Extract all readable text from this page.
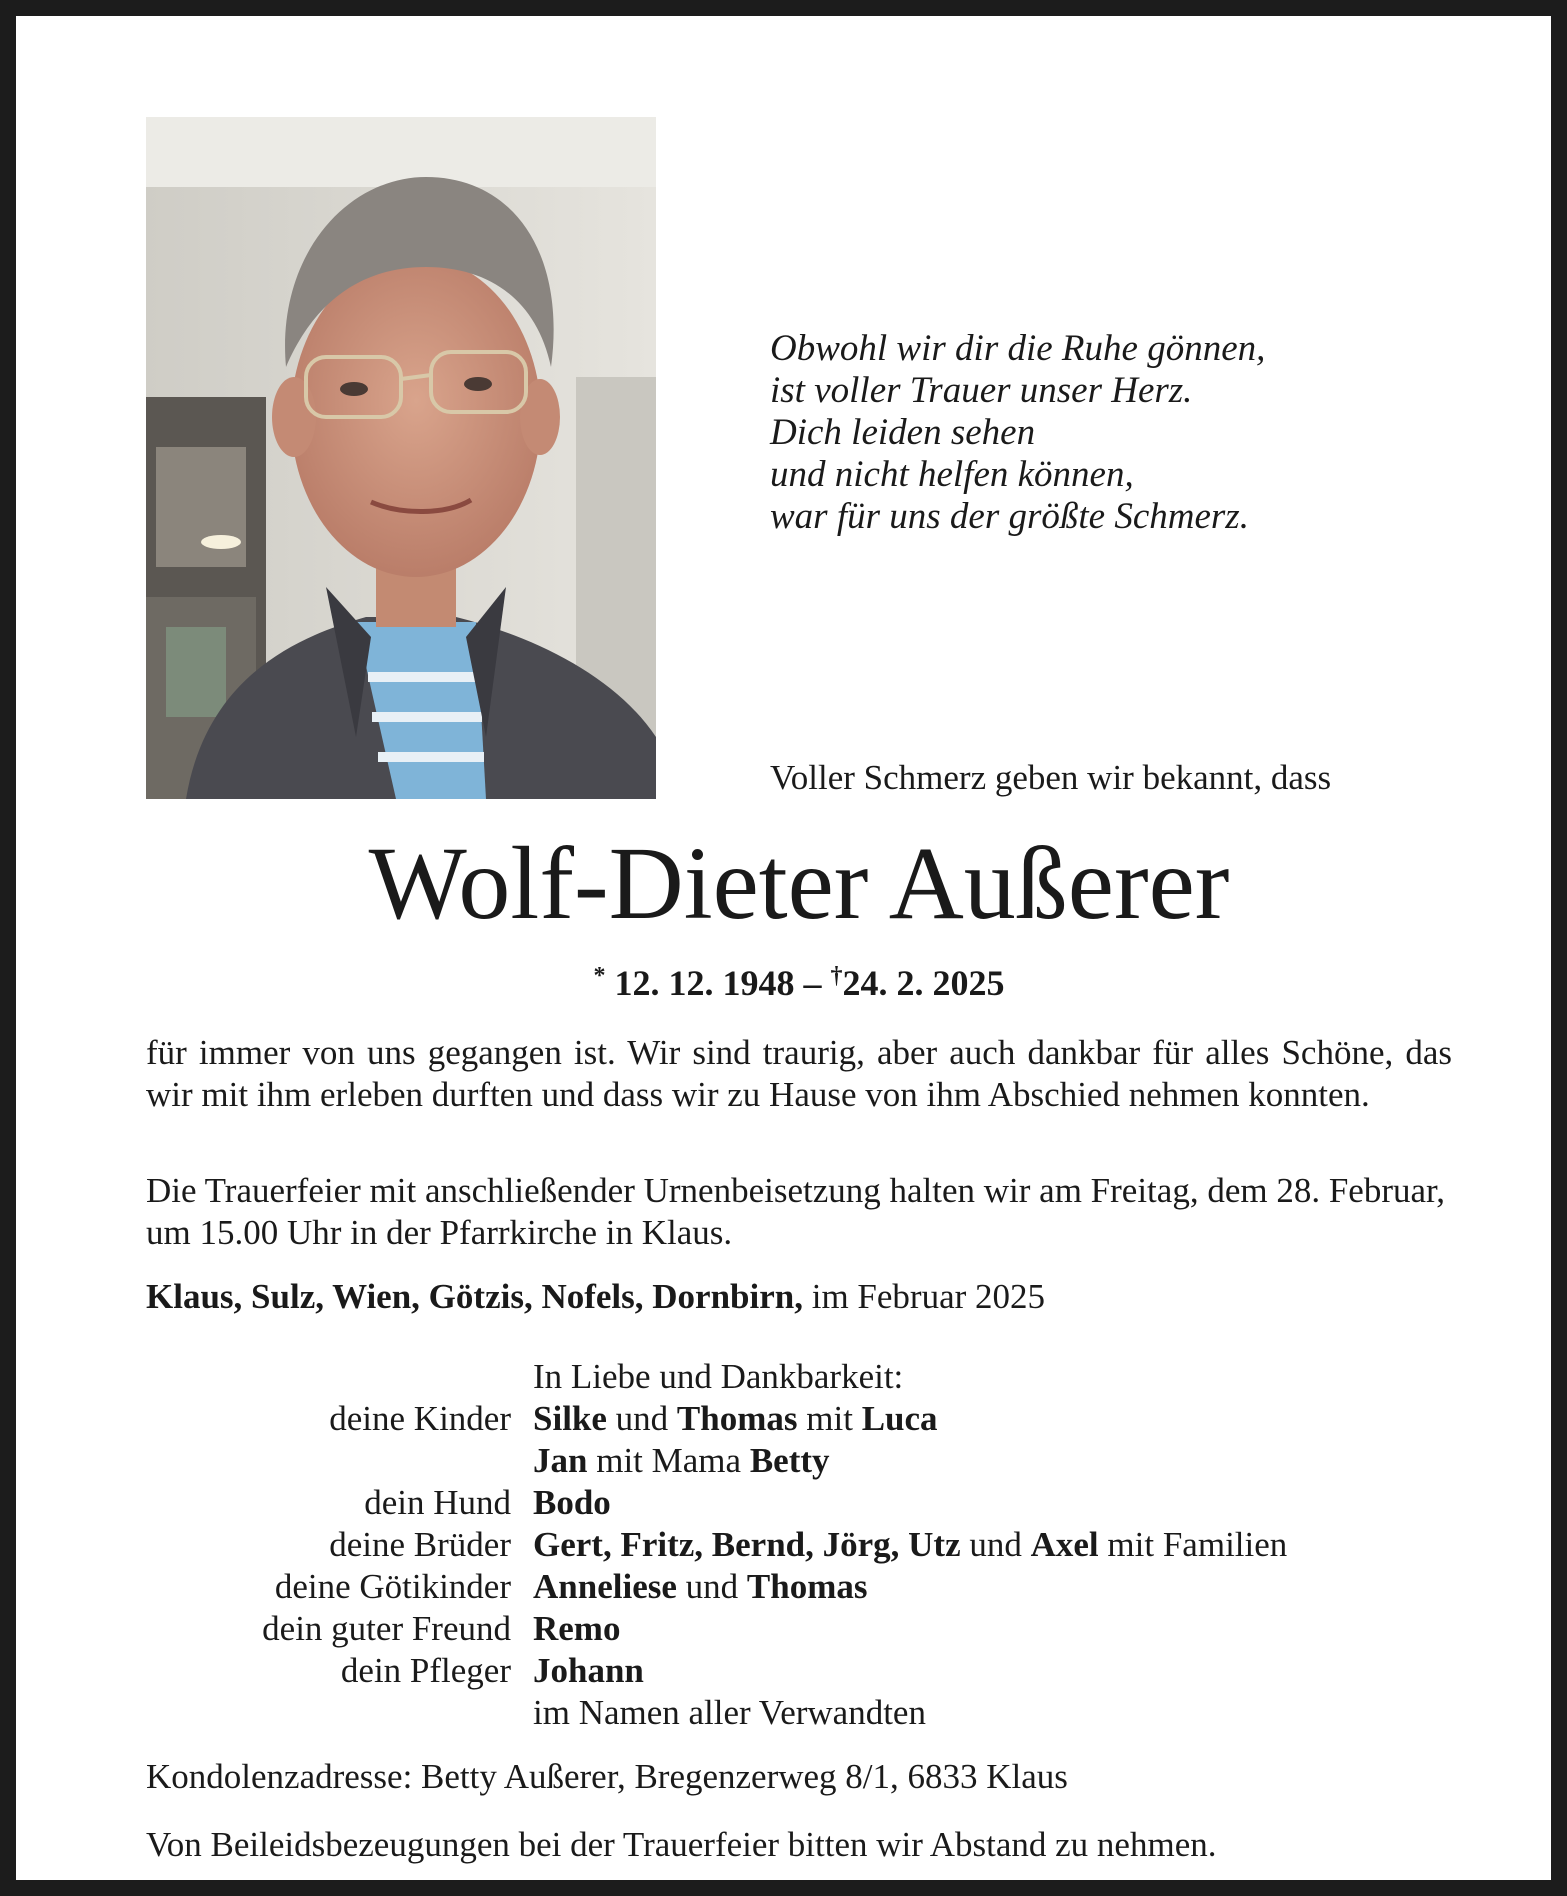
Obwohl wir dir die Ruhe gönnen,
ist voller Trauer unser Herz.
Dich leiden sehen
und nicht helfen können,
war für uns der größte Schmerz.
Voller Schmerz geben wir bekannt, dass
Wolf-Dieter Außerer
* 12. 12. 1948 – †24. 2. 2025
für immer von uns gegangen ist. Wir sind traurig, aber auch dankbar für alles Schöne, das wir mit ihm erleben durften und dass wir zu Hause von ihm Abschied nehmen konnten.
Die Trauerfeier mit anschließender Urnenbeisetzung halten wir am Freitag, dem 28. Februar, um 15.00 Uhr in der Pfarrkirche in Klaus.
Klaus, Sulz, Wien, Götzis, Nofels, Dornbirn, im Februar 2025
In Liebe und Dankbarkeit:
deine Kinder Silke und Thomas mit Luca
Jan mit Mama Betty
dein Hund Bodo
deine Brüder Gert, Fritz, Bernd, Jörg, Utz und Axel mit Familien
deine Götikinder Anneliese und Thomas
dein guter Freund Remo
dein Pfleger Johann
im Namen aller Verwandten
Kondolenzadresse: Betty Außerer, Bregenzerweg 8/1, 6833 Klaus
Von Beileidsbezeugungen bei der Trauerfeier bitten wir Abstand zu nehmen.
